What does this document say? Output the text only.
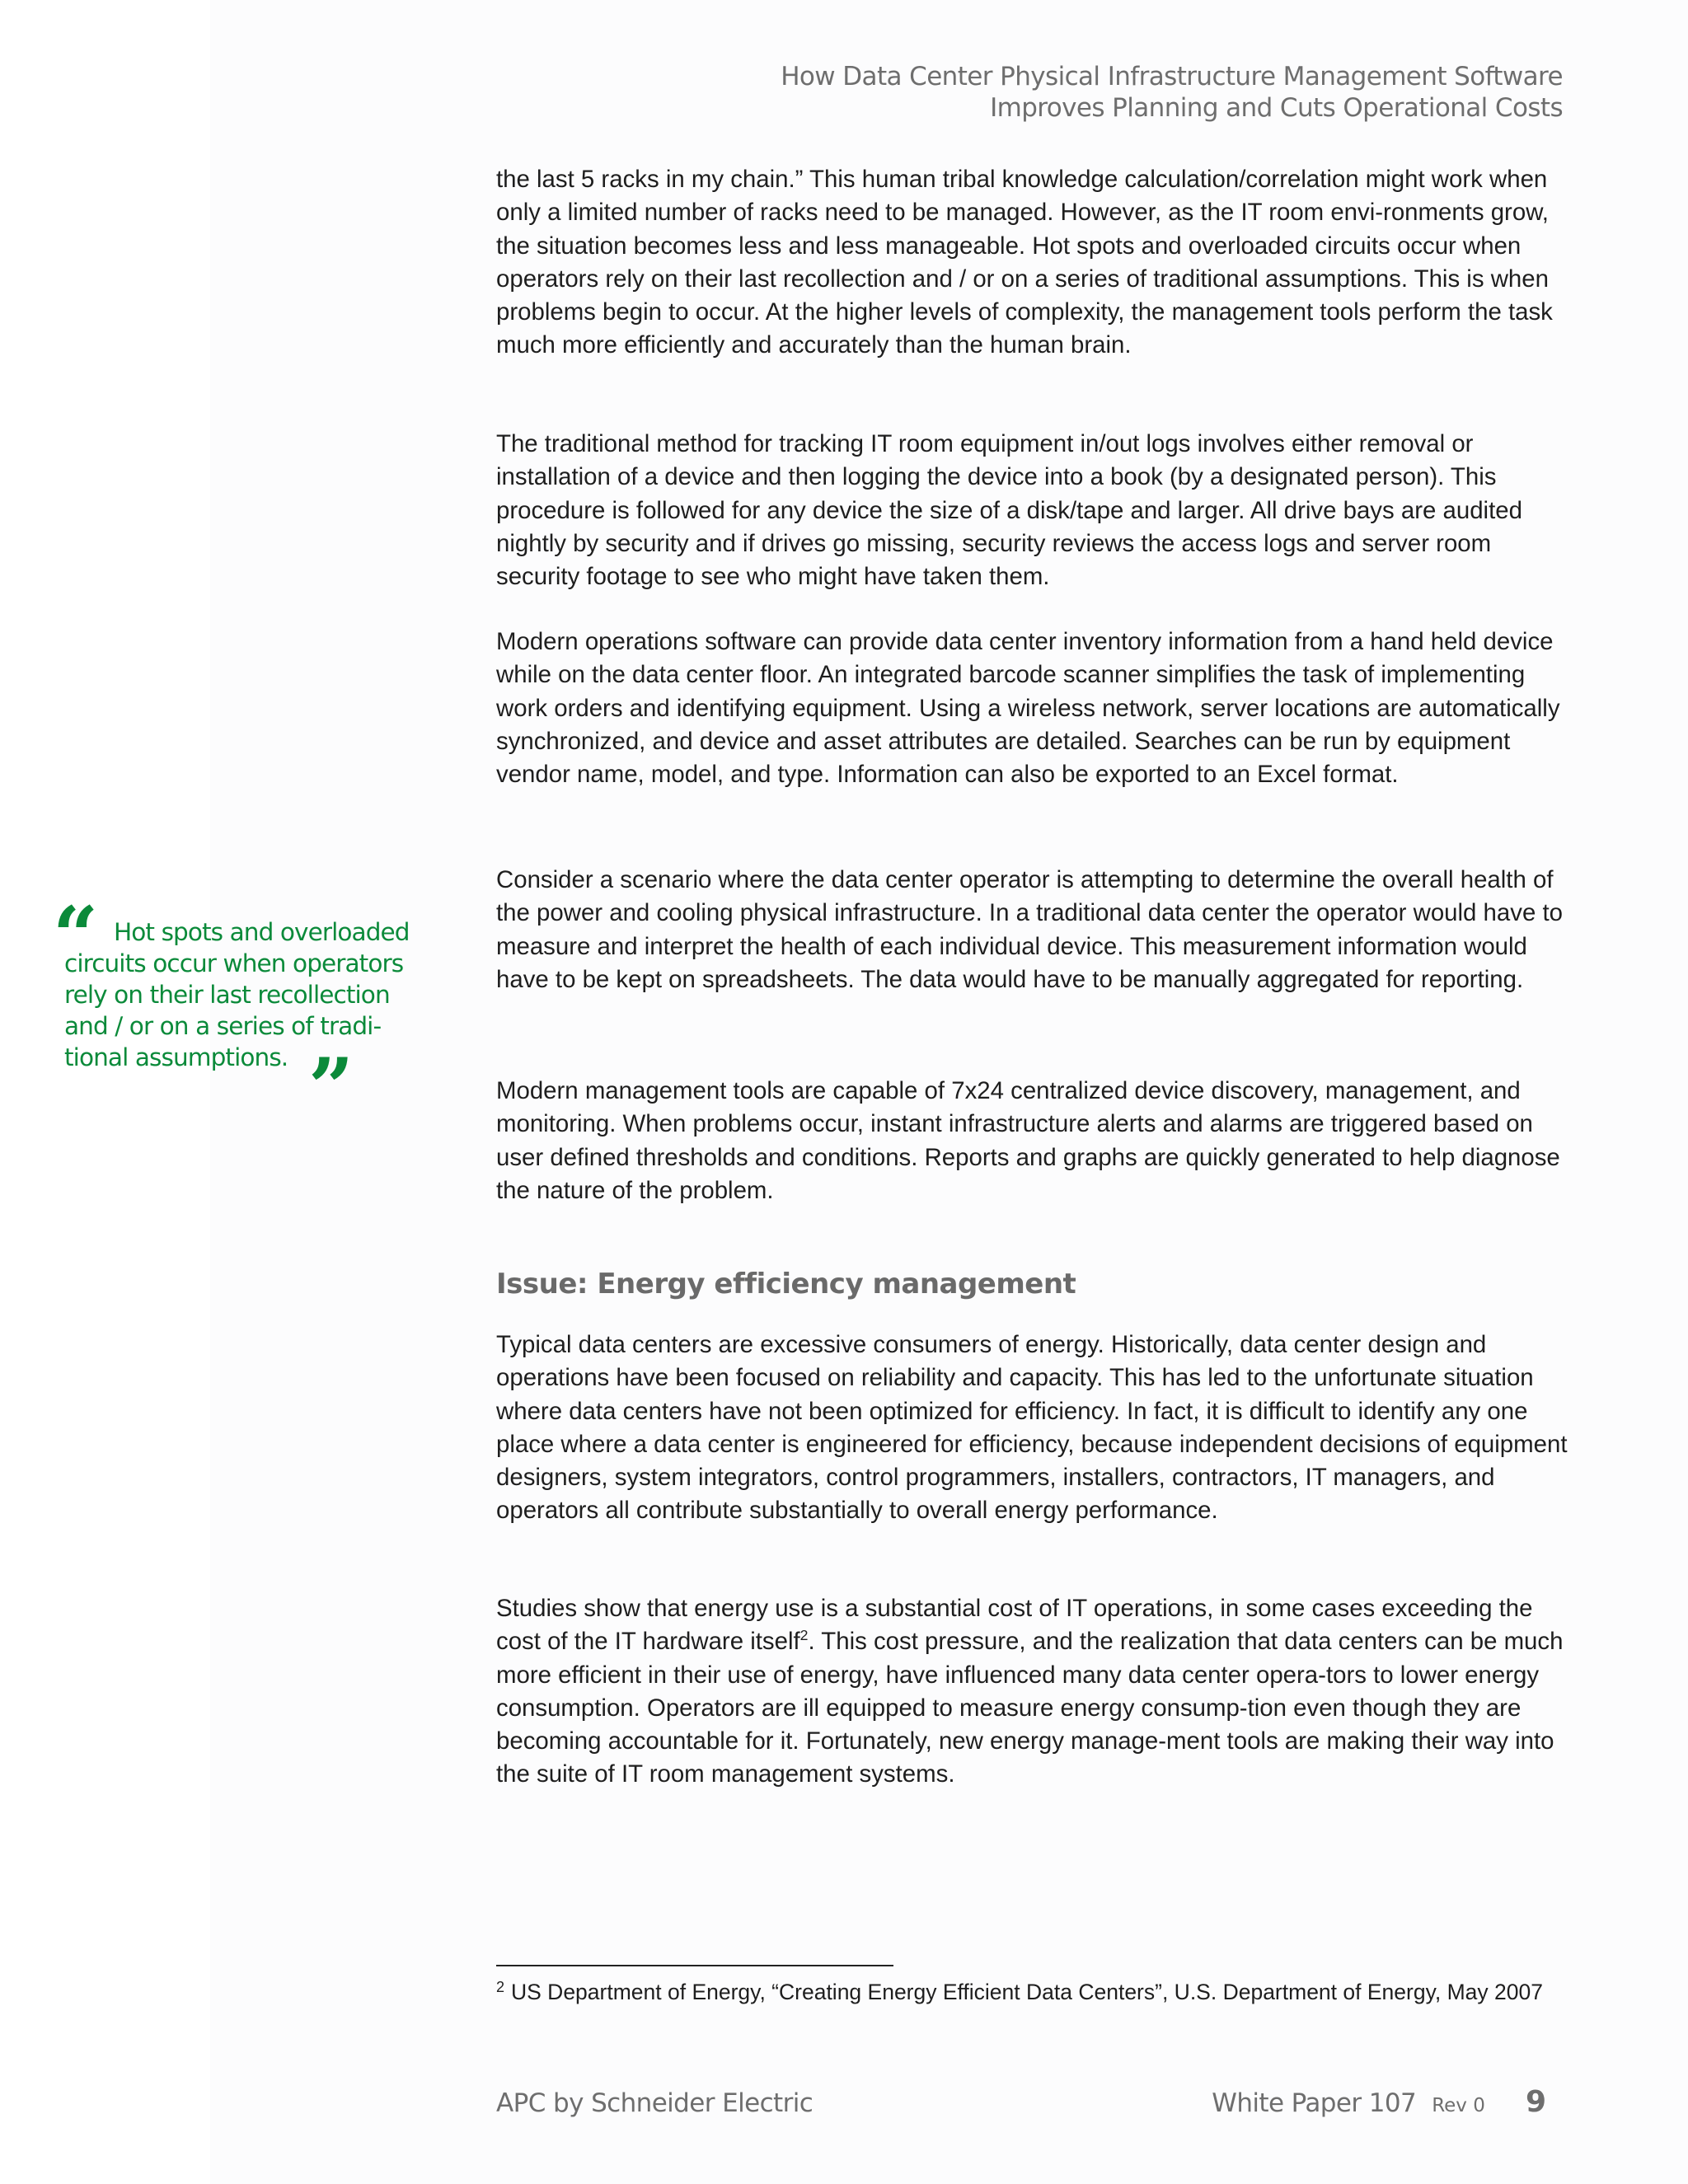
How Data Center Physical Infrastructure Management Software
Improves Planning and Cuts Operational Costs

the last 5 racks in my chain.” This human tribal knowledge calculation/correlation might work when only a limited number of racks need to be managed. However, as the IT room envi-ronments grow, the situation becomes less and less manageable. Hot spots and overloaded circuits occur when operators rely on their last recollection and / or on a series of traditional assumptions. This is when problems begin to occur. At the higher levels of complexity, the management tools perform the task much more efficiently and accurately than the human brain.

The traditional method for tracking IT room equipment in/out logs involves either removal or installation of a device and then logging the device into a book (by a designated person). This procedure is followed for any device the size of a disk/tape and larger. All drive bays are audited nightly by security and if drives go missing, security reviews the access logs and server room security footage to see who might have taken them.

Modern operations software can provide data center inventory information from a hand held device while on the data center floor. An integrated barcode scanner simplifies the task of implementing work orders and identifying equipment. Using a wireless network, server locations are automatically synchronized, and device and asset attributes are detailed. Searches can be run by equipment vendor name, model, and type. Information can also be exported to an Excel format.

Consider a scenario where the data center operator is attempting to determine the overall health of the power and cooling physical infrastructure. In a traditional data center the operator would have to measure and interpret the health of each individual device. This measurement information would have to be kept on spreadsheets. The data would have to be manually aggregated for reporting.

Modern management tools are capable of 7x24 centralized device discovery, management, and monitoring. When problems occur, instant infrastructure alerts and alarms are triggered based on user defined thresholds and conditions. Reports and graphs are quickly generated to help diagnose the nature of the problem.

Issue: Energy efficiency management

Typical data centers are excessive consumers of energy. Historically, data center design and operations have been focused on reliability and capacity. This has led to the unfortunate situation where data centers have not been optimized for efficiency. In fact, it is difficult to identify any one place where a data center is engineered for efficiency, because independent decisions of equipment designers, system integrators, control programmers, installers, contractors, IT managers, and operators all contribute substantially to overall energy performance.

Studies show that energy use is a substantial cost of IT operations, in some cases exceeding the cost of the IT hardware itself$^2$. This cost pressure, and the realization that data centers can be much more efficient in their use of energy, have influenced many data center opera-tors to lower energy consumption. Operators are ill equipped to measure energy consump-tion even though they are becoming accountable for it. Fortunately, new energy manage-ment tools are making their way into the suite of IT room management systems.

“ Hot spots and overloaded circuits occur when operators rely on their last recollection and / or on a series of tradi-tional assumptions. ”
2 US Department of Energy, “Creating Energy Efficient Data Centers”, U.S. Department of Energy, May 2007
APC by Schneider Electric	White Paper 107 Rev 0 9
